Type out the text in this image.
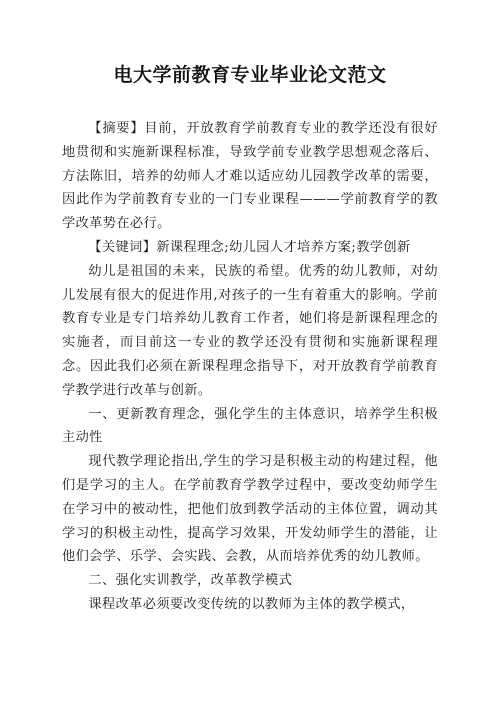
电大学前教育专业毕业论文范文

【摘要】目前，开放教育学前教育专业的教学还没有很好地贯彻和实施新课程标准，导致学前专业教学思想观念落后、方法陈旧，培养的幼师人才难以适应幼儿园教学改革的需要，因此作为学前教育专业的一门专业课程———学前教育学的教学改革势在必行。

【关键词】新课程理念;幼儿园人才培养方案;教学创新

幼儿是祖国的未来，民族的希望。优秀的幼儿教师，对幼儿发展有很大的促进作用,对孩子的一生有着重大的影响。学前教育专业是专门培养幼儿教育工作者，她们将是新课程理念的实施者，而目前这一专业的教学还没有贯彻和实施新课程理念。因此我们必须在新课程理念指导下，对开放教育学前教育学教学进行改革与创新。

一、更新教育理念，强化学生的主体意识，培养学生积极主动性

现代教学理论指出,学生的学习是积极主动的构建过程，他们是学习的主人。在学前教育学教学过程中，要改变幼师学生在学习中的被动性，把他们放到教学活动的主体位置，调动其学习的积极主动性，提高学习效果，开发幼师学生的潜能，让他们会学、乐学、会实践、会教，从而培养优秀的幼儿教师。

二、强化实训教学，改革教学模式

课程改革必须要改变传统的以教师为主体的教学模式，
